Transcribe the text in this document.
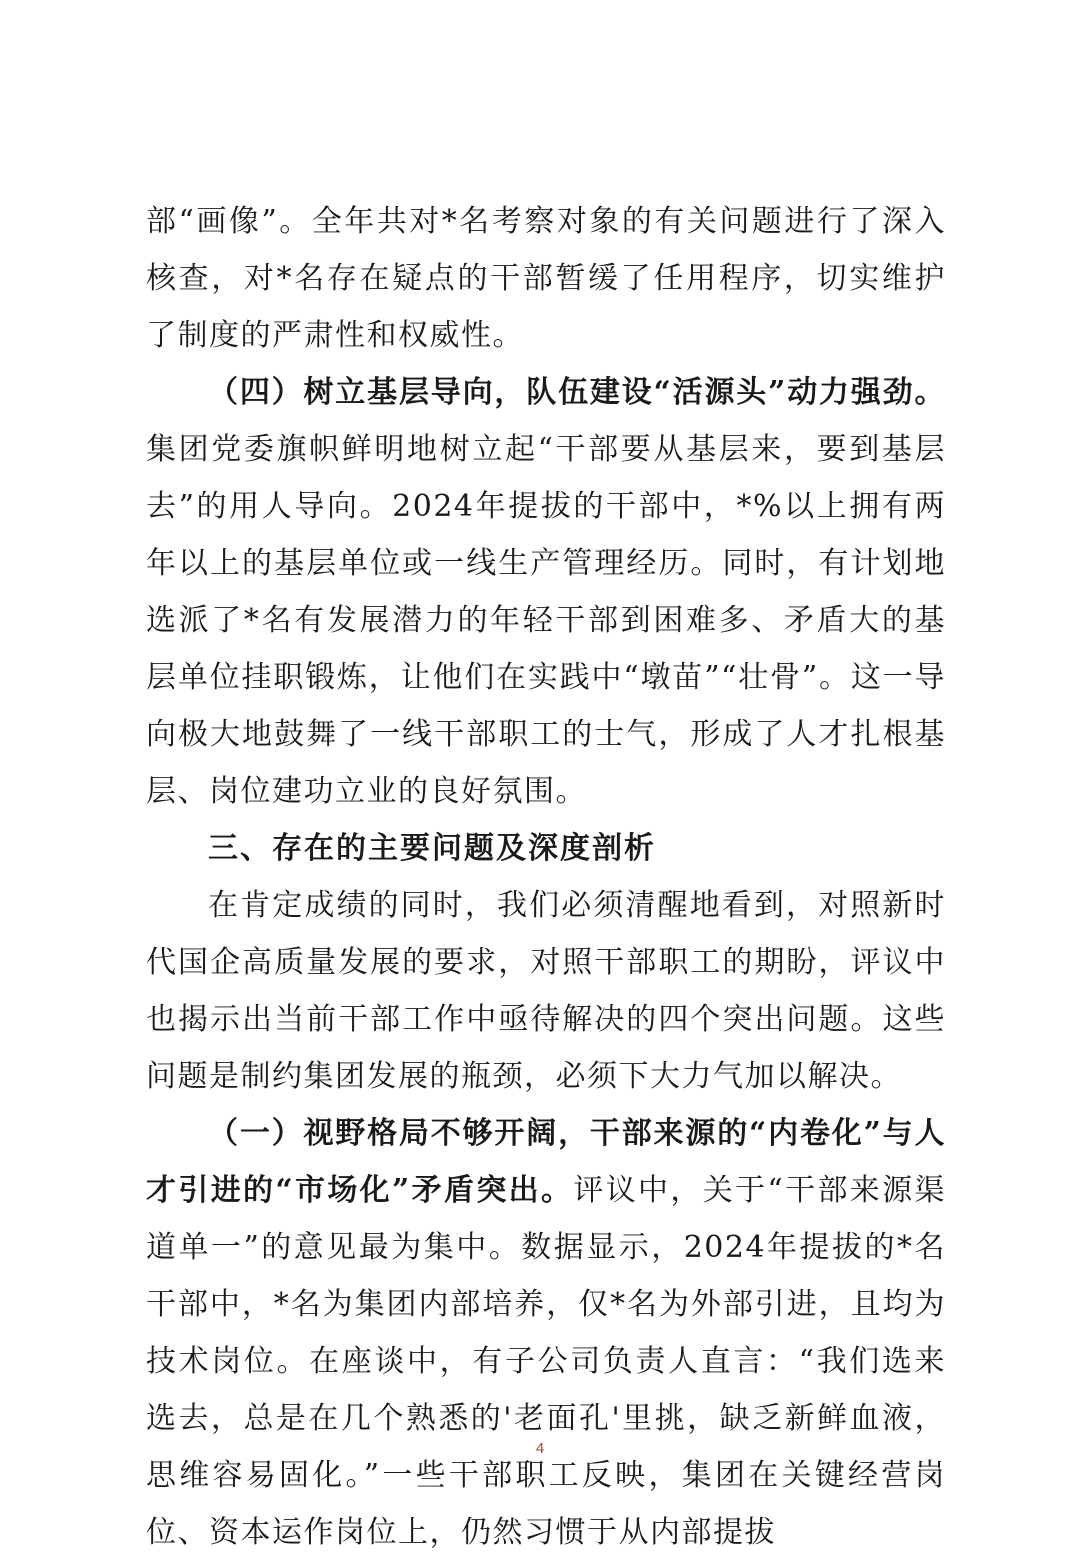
部“画像”。全年共对*名考察对象的有关问题进行了深入核查，对*名存在疑点的干部暂缓了任用程序，切实维护了制度的严肃性和权威性。

（四）树立基层导向，队伍建设“活源头”动力强劲。集团党委旗帜鲜明地树立起“干部要从基层来，要到基层去”的用人导向。2024年提拔的干部中，*%以上拥有两年以上的基层单位或一线生产管理经历。同时，有计划地选派了*名有发展潜力的年轻干部到困难多、矛盾大的基层单位挂职锻炼，让他们在实践中“墩苗”“壮骨”。这一导向极大地鼓舞了一线干部职工的士气，形成了人才扎根基层、岗位建功立业的良好氛围。

三、存在的主要问题及深度剖析

在肯定成绩的同时，我们必须清醒地看到，对照新时代国企高质量发展的要求，对照干部职工的期盼，评议中也揭示出当前干部工作中亟待解决的四个突出问题。这些问题是制约集团发展的瓶颈，必须下大力气加以解决。

（一）视野格局不够开阔，干部来源的“内卷化”与人才引进的“市场化”矛盾突出。评议中，关于“干部来源渠道单一”的意见最为集中。数据显示，2024年提拔的*名干部中，*名为集团内部培养，仅*名为外部引进，且均为技术岗位。在座谈中，有子公司负责人直言：“我们选来选去，总是在几个熟悉的'老面孔'里挑，缺乏新鲜血液，思维容易固化。”一些干部职工反映，集团在关键经营岗位、资本运作岗位上，仍然习惯于从内部提拔

4
